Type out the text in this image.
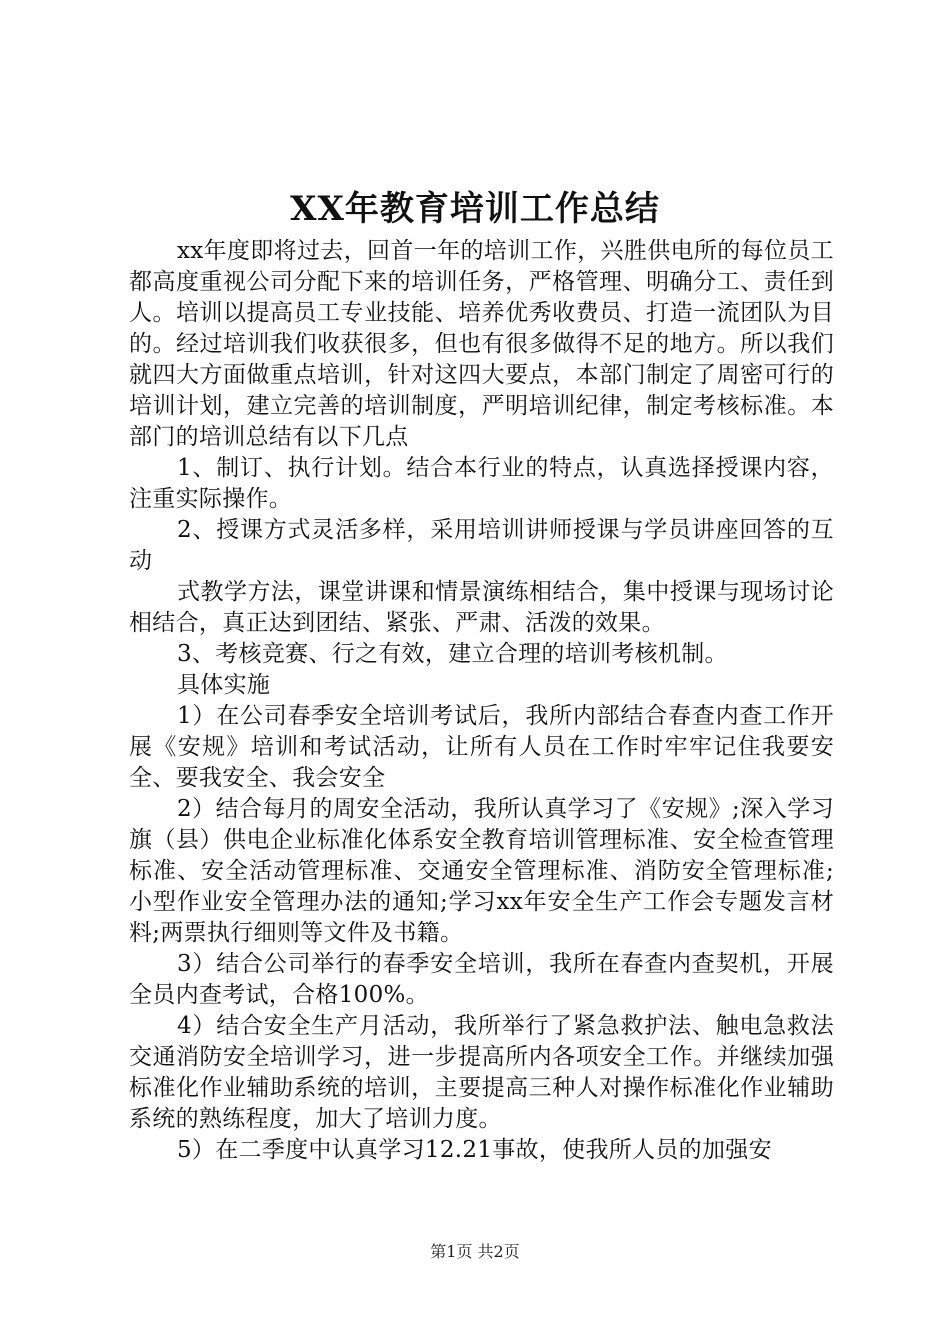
XX年教育培训工作总结

xx年度即将过去，回首一年的培训工作，兴胜供电所的每位员工都高度重视公司分配下来的培训任务，严格管理、明确分工、责任到人。培训以提高员工专业技能、培养优秀收费员、打造一流团队为目的。经过培训我们收获很多，但也有很多做得不足的地方。所以我们就四大方面做重点培训，针对这四大要点，本部门制定了周密可行的培训计划，建立完善的培训制度，严明培训纪律，制定考核标准。本部门的培训总结有以下几点

1、制订、执行计划。结合本行业的特点，认真选择授课内容，注重实际操作。

2、授课方式灵活多样，采用培训讲师授课与学员讲座回答的互动

式教学方法，课堂讲课和情景演练相结合，集中授课与现场讨论相结合，真正达到团结、紧张、严肃、活泼的效果。

3、考核竞赛、行之有效，建立合理的培训考核机制。

具体实施

1）在公司春季安全培训考试后，我所内部结合春查内查工作开展《安规》培训和考试活动，让所有人员在工作时牢牢记住我要安全、要我安全、我会安全

2）结合每月的周安全活动，我所认真学习了《安规》;深入学习旗（县）供电企业标准化体系安全教育培训管理标准、安全检查管理标准、安全活动管理标准、交通安全管理标准、消防安全管理标准;小型作业安全管理办法的通知;学习xx年安全生产工作会专题发言材料;两票执行细则等文件及书籍。

3）结合公司举行的春季安全培训，我所在春查内查契机，开展全员内查考试，合格100%。

4）结合安全生产月活动，我所举行了紧急救护法、触电急救法交通消防安全培训学习，进一步提高所内各项安全工作。并继续加强标准化作业辅助系统的培训，主要提高三种人对操作标准化作业辅助系统的熟练程度，加大了培训力度。

5）在二季度中认真学习12.21事故，使我所人员的加强安

第1页 共2页
